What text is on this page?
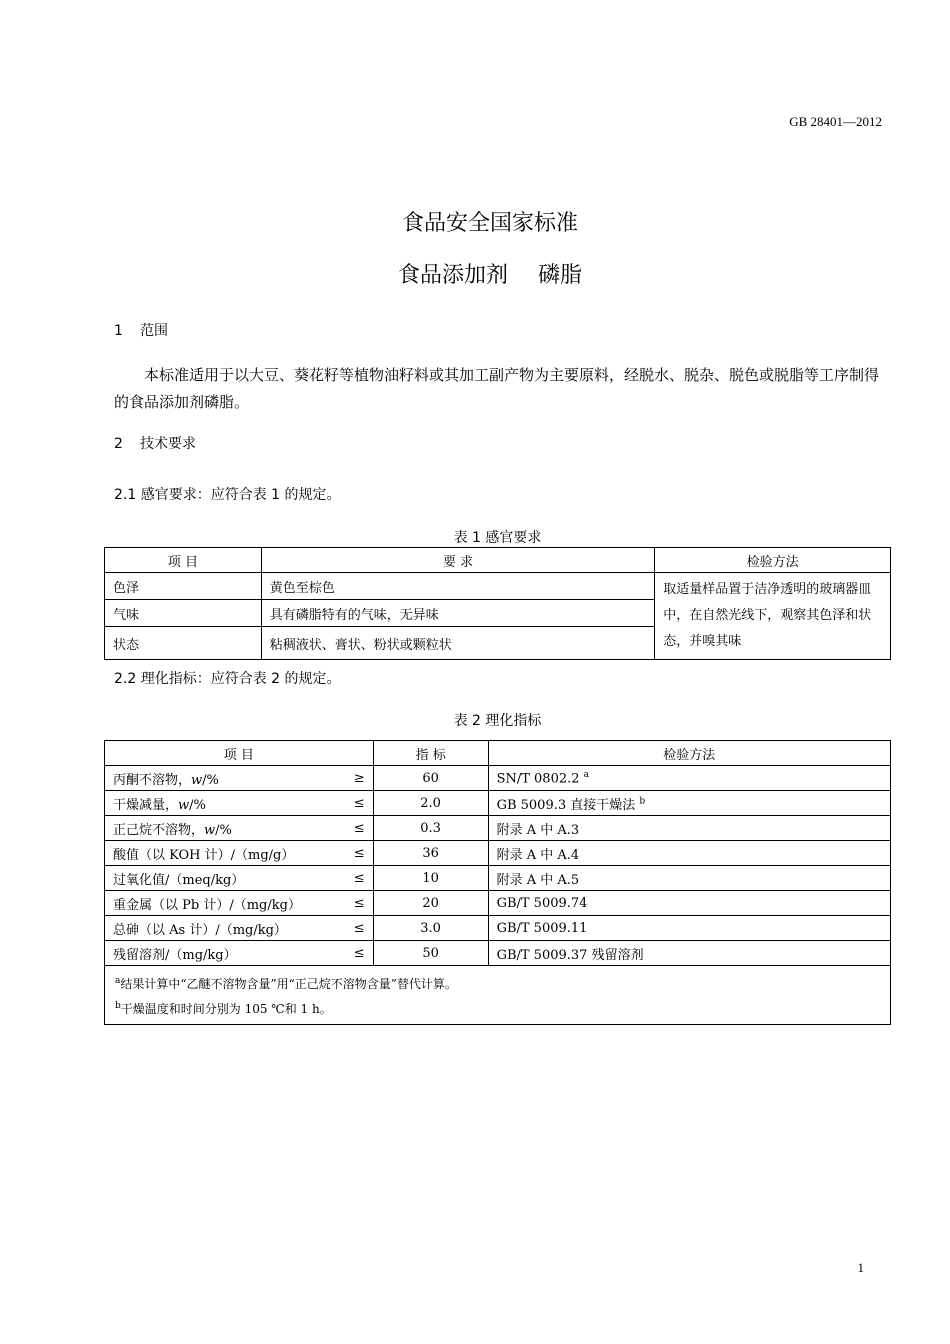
GB 28401—2012
食品安全国家标准
食品添加剂 磷脂
1 范围
本标准适用于以大豆、葵花籽等植物油籽料或其加工副产物为主要原料，经脱水、脱杂、脱色或脱脂等工序制得的食品添加剂磷脂。
2 技术要求
2.1 感官要求：应符合表 1 的规定。
表 1 感官要求
项 目	要 求	检验方法
色泽	黄色至棕色	取适量样品置于洁净透明的玻璃器皿中，在自然光线下，观察其色泽和状态，并嗅其味
气味	具有磷脂特有的气味，无异味	
状态	粘稠液状、膏状、粉状或颗粒状	
2.2 理化指标：应符合表 2 的规定。
表 2 理化指标
项 目		指 标	检验方法
丙酮不溶物，w/%	≥	60	SN/T 0802.2 $^a$
干燥减量，w/%	≤	2.0	GB 5009.3 直接干燥法 $^b$
正己烷不溶物，w/%	≤	0.3	附录 A 中 A.3
酸值（以 KOH 计）/（mg/g）	≤	36	附录 A 中 A.4
过氧化值/（meq/kg）	≤	10	附录 A 中 A.5
重金属（以 Pb 计）/（mg/kg）	≤	20	GB/T 5009.74
总砷（以 As 计）/（mg/kg）	≤	3.0	GB/T 5009.11
残留溶剂/（mg/kg）	≤	50	GB/T 5009.37 残留溶剂

$^a$结果计算中“乙醚不溶物含量”用“正己烷不溶物含量”替代计算。
$^b$干燥温度和时间分别为 105 ℃和 1 h。			
1
